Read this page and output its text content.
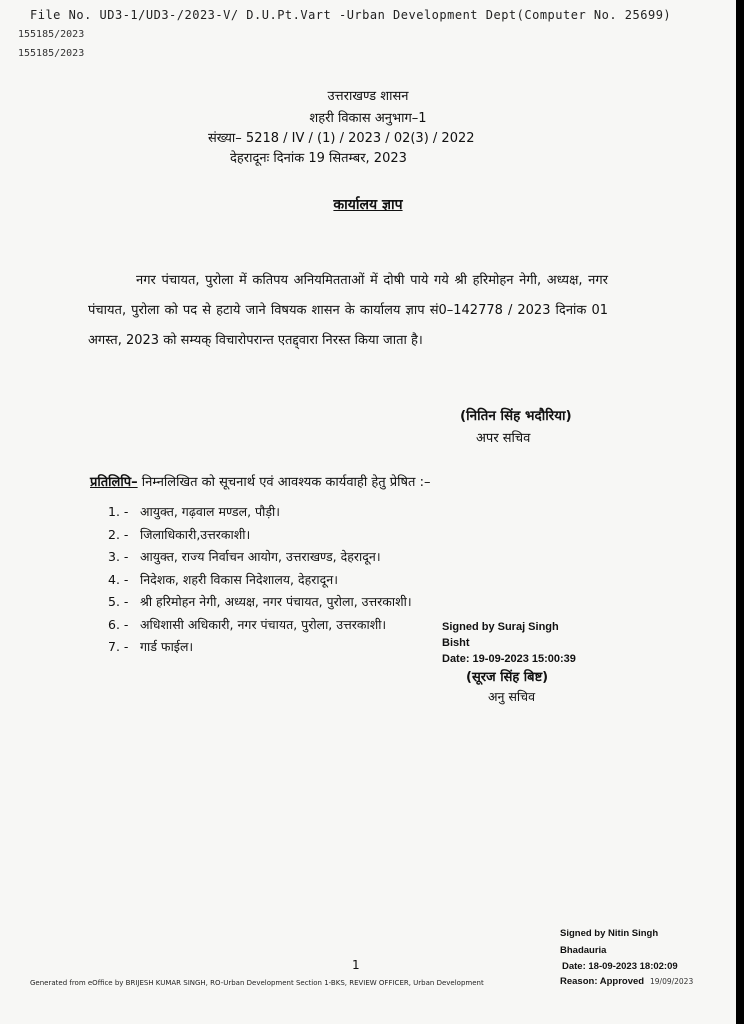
File No. UD3-1/UD3-/2023-V/ D.U.Pt.Vart -Urban Development Dept(Computer No. 25699)
155185/2023
155185/2023
उत्तराखण्ड शासन
शहरी विकास अनुभाग–1
संख्या– 5218 / IV / (1) / 2023 / 02(3) / 2022
देहरादूनः दिनांक 19 सितम्बर, 2023
कार्यालय ज्ञाप
नगर पंचायत, पुरोला में कतिपय अनियमितताओं में दोषी पाये गये श्री हरिमोहन नेगी, अध्यक्ष, नगर पंचायत, पुरोला को पद से हटाये जाने विषयक शासन के कार्यालय ज्ञाप सं0–142778 / 2023 दिनांक 01 अगस्त, 2023 को सम्यक् विचारोपरान्त एतद्द्वारा निरस्त किया जाता है।
(नितिन सिंह भदौरिया)
अपर सचिव
प्रतिलिपि– निम्नलिखित को सूचनार्थ एवं आवश्यक कार्यवाही हेतु प्रेषित :–
1. - आयुक्त, गढ़वाल मण्डल, पौड़ी।
2. - जिलाधिकारी,उत्तरकाशी।
3. - आयुक्त, राज्य निर्वाचन आयोग, उत्तराखण्ड, देहरादून।
4. - निदेशक, शहरी विकास निदेशालय, देहरादून।
5. - श्री हरिमोहन नेगी, अध्यक्ष, नगर पंचायत, पुरोला, उत्तरकाशी।
6. - अधिशासी अधिकारी, नगर पंचायत, पुरोला, उत्तरकाशी।
7. - गार्ड फाईल।
Signed by Suraj Singh
Bisht
Date: 19-09-2023 15:00:39
(सूरज सिंह बिष्ट)
अनु सचिव
Signed by Nitin Singh
Bhadauria
Date: 18-09-2023 18:02:09
Reason: Approved
1
Generated from eOffice by BRIJESH KUMAR SINGH, RO-Urban Development Section 1-BKS, REVIEW OFFICER, Urban Development	19/09/2023
